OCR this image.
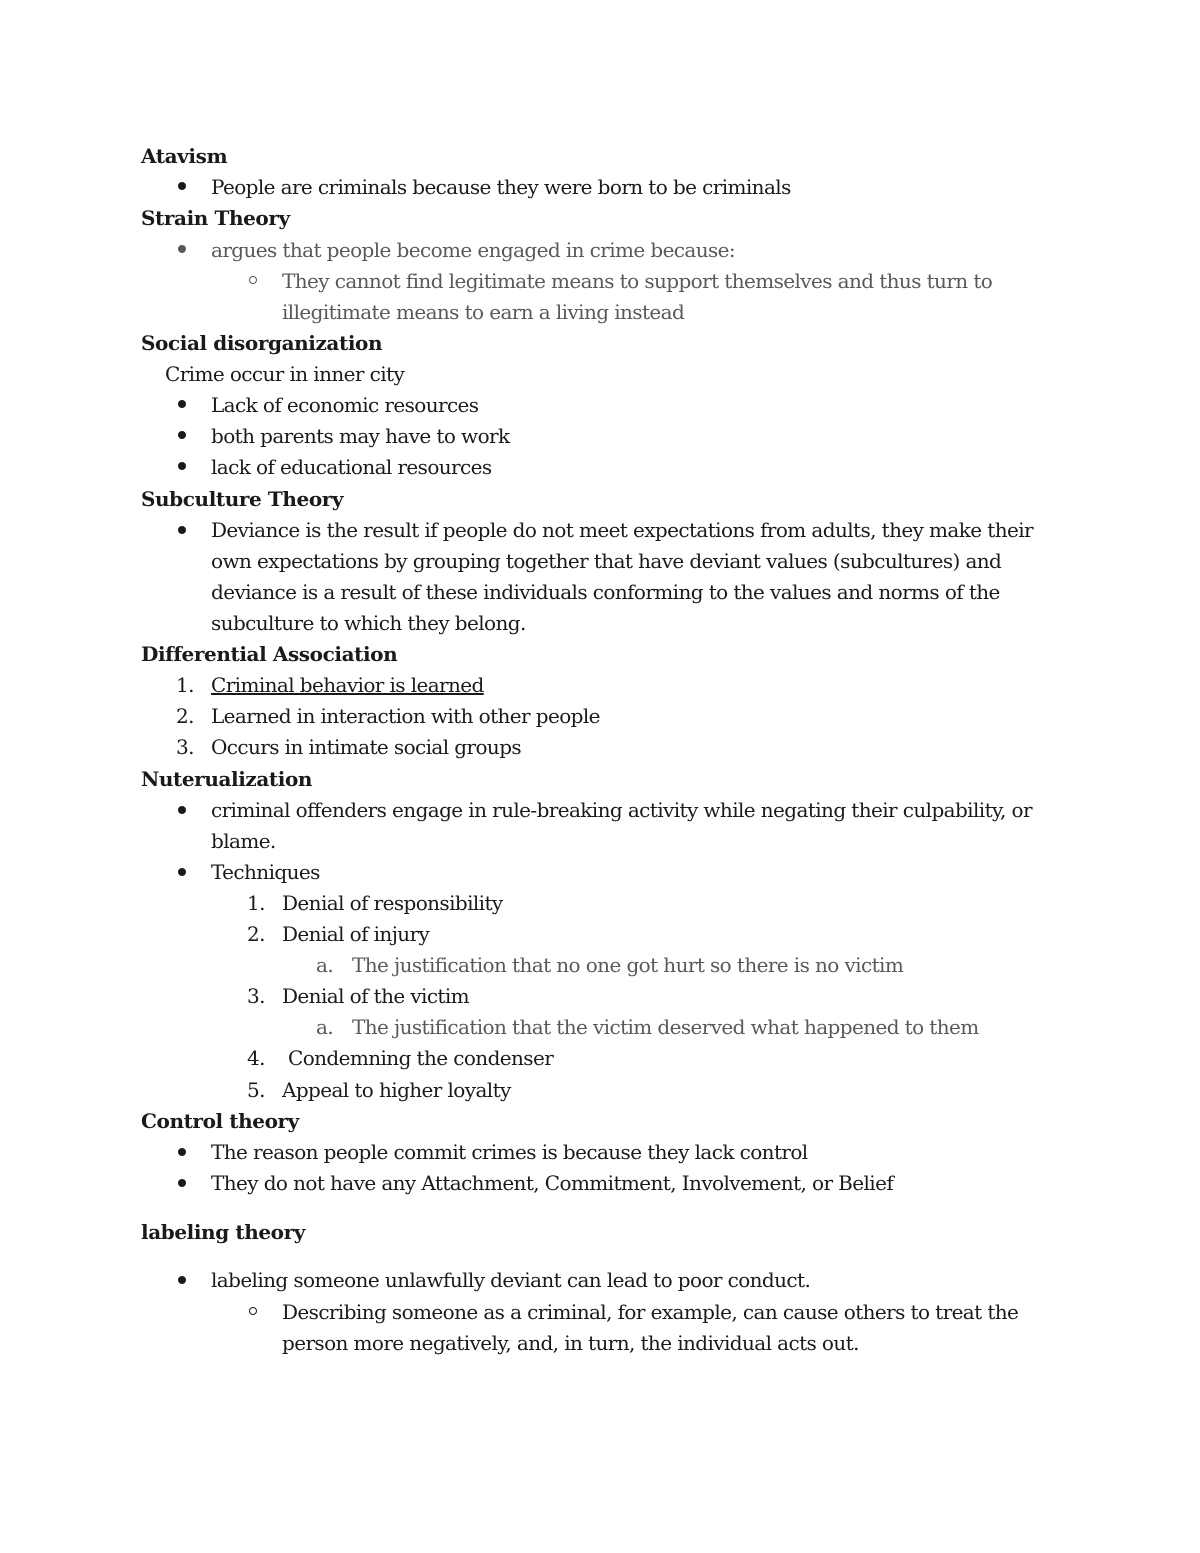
Atavism
People are criminals because they were born to be criminals
Strain Theory
argues that people become engaged in crime because:
They cannot find legitimate means to support themselves and thus turn to
illegitimate means to earn a living instead
Social disorganization
Crime occur in inner city
Lack of economic resources
both parents may have to work
lack of educational resources
Subculture Theory
Deviance is the result if people do not meet expectations from adults, they make their
own expectations by grouping together that have deviant values (subcultures) and
deviance is a result of these individuals conforming to the values and norms of the
subculture to which they belong.
Differential Association
1. Criminal behavior is learned
2. Learned in interaction with other people
3. Occurs in intimate social groups
Nuterualization
criminal offenders engage in rule-breaking activity while negating their culpability, or
blame.
Techniques
1. Denial of responsibility
2. Denial of injury
a. The justification that no one got hurt so there is no victim
3. Denial of the victim
a. The justification that the victim deserved what happened to them
4. Condemning the condenser
5. Appeal to higher loyalty
Control theory
The reason people commit crimes is because they lack control
They do not have any Attachment, Commitment, Involvement, or Belief
labeling theory
labeling someone unlawfully deviant can lead to poor conduct.
Describing someone as a criminal, for example, can cause others to treat the
person more negatively, and, in turn, the individual acts out.
